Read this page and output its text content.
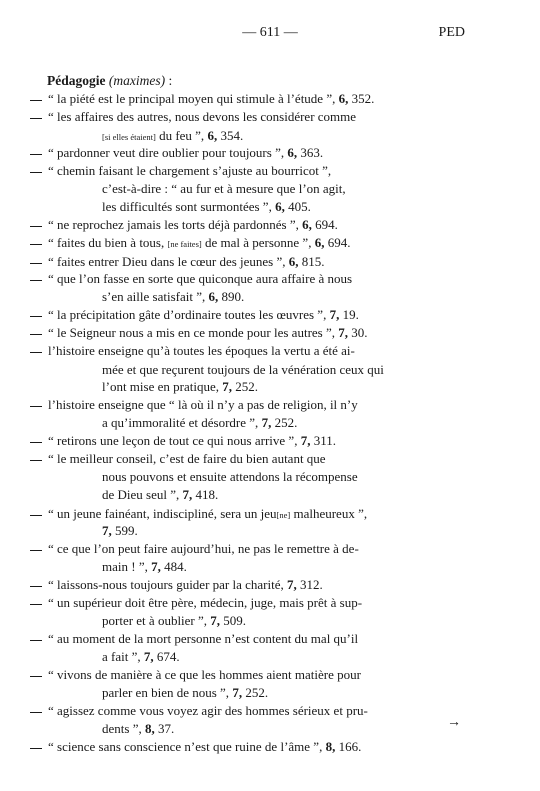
— 611 —	PED
Pédagogie (maximes) :
“ la piété est le principal moyen qui stimule à l’étude ”, 6, 352.
“ les affaires des autres, nous devons les considérer comme
[si elles étaient] du feu ”, 6, 354.
“ pardonner veut dire oublier pour toujours ”, 6, 363.
“ chemin faisant le chargement s’ajuste au bourricot ”,
c’est-à-dire : “ au fur et à mesure que l’on agit,
les difficultés sont surmontées ”, 6, 405.
“ ne reprochez jamais les torts déjà pardonnés ”, 6, 694.
“ faites du bien à tous, [ne faites] de mal à personne ”, 6, 694.
“ faites entrer Dieu dans le cœur des jeunes ”, 6, 815.
“ que l’on fasse en sorte que quiconque aura affaire à nous
s’en aille satisfait ”, 6, 890.
“ la précipitation gâte d’ordinaire toutes les œuvres ”, 7, 19.
“ le Seigneur nous a mis en ce monde pour les autres ”, 7, 30.
l’histoire enseigne qu’à toutes les époques la vertu a été ai-
mée et que reçurent toujours de la vénération ceux qui
l’ont mise en pratique, 7, 252.
l’histoire enseigne que “ là où il n’y a pas de religion, il n’y
a qu’immoralité et désordre ”, 7, 252.
“ retirons une leçon de tout ce qui nous arrive ”, 7, 311.
“ le meilleur conseil, c’est de faire du bien autant que
nous pouvons et ensuite attendons la récompense
de Dieu seul ”, 7, 418.
“ un jeune fainéant, indiscipliné, sera un jeu[ne] malheureux ”,
7, 599.
“ ce que l’on peut faire aujourd’hui, ne pas le remettre à de-
main ! ”, 7, 484.
“ laissons-nous toujours guider par la charité, 7, 312.
“ un supérieur doit être père, médecin, juge, mais prêt à sup-
porter et à oublier ”, 7, 509.
“ au moment de la mort personne n’est content du mal qu’il
a fait ”, 7, 674.
“ vivons de manière à ce que les hommes aient matière pour
parler en bien de nous ”, 7, 252.
“ agissez comme vous voyez agir des hommes sérieux et pru-
dents ”, 8, 37.
“ science sans conscience n’est que ruine de l’âme ”, 8, 166.
→
